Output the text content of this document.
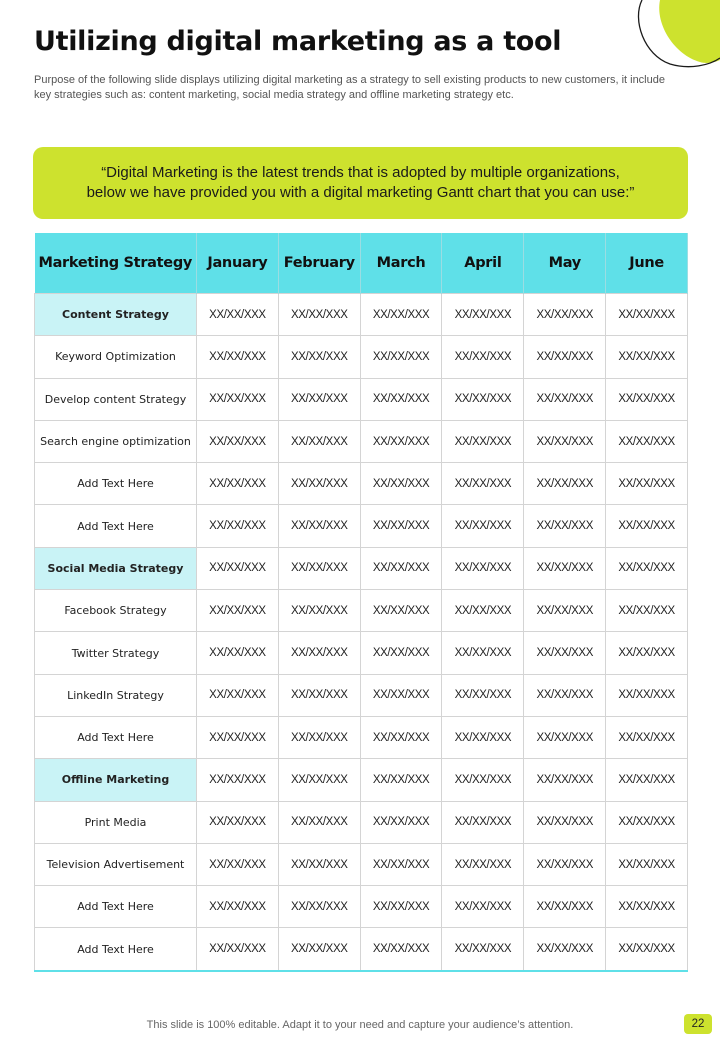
Utilizing digital marketing as a tool
Purpose of the following slide displays utilizing digital marketing as a strategy to sell existing products to new customers, it include key strategies such as: content marketing, social media strategy and offline marketing strategy etc.
“Digital Marketing is the latest trends that is adopted by multiple organizations,
below we have provided you with a digital marketing Gantt chart that you can use:”
Marketing Strategy	January	February	March	April	May	June
Content Strategy	XX/XX/XXX	XX/XX/XXX	XX/XX/XXX	XX/XX/XXX	XX/XX/XXX	XX/XX/XXX
Keyword Optimization	XX/XX/XXX	XX/XX/XXX	XX/XX/XXX	XX/XX/XXX	XX/XX/XXX	XX/XX/XXX
Develop content Strategy	XX/XX/XXX	XX/XX/XXX	XX/XX/XXX	XX/XX/XXX	XX/XX/XXX	XX/XX/XXX
Search engine optimization	XX/XX/XXX	XX/XX/XXX	XX/XX/XXX	XX/XX/XXX	XX/XX/XXX	XX/XX/XXX
Add Text Here	XX/XX/XXX	XX/XX/XXX	XX/XX/XXX	XX/XX/XXX	XX/XX/XXX	XX/XX/XXX
Add Text Here	XX/XX/XXX	XX/XX/XXX	XX/XX/XXX	XX/XX/XXX	XX/XX/XXX	XX/XX/XXX
Social Media Strategy	XX/XX/XXX	XX/XX/XXX	XX/XX/XXX	XX/XX/XXX	XX/XX/XXX	XX/XX/XXX
Facebook Strategy	XX/XX/XXX	XX/XX/XXX	XX/XX/XXX	XX/XX/XXX	XX/XX/XXX	XX/XX/XXX
Twitter Strategy	XX/XX/XXX	XX/XX/XXX	XX/XX/XXX	XX/XX/XXX	XX/XX/XXX	XX/XX/XXX
LinkedIn Strategy	XX/XX/XXX	XX/XX/XXX	XX/XX/XXX	XX/XX/XXX	XX/XX/XXX	XX/XX/XXX
Add Text Here	XX/XX/XXX	XX/XX/XXX	XX/XX/XXX	XX/XX/XXX	XX/XX/XXX	XX/XX/XXX
Offline Marketing	XX/XX/XXX	XX/XX/XXX	XX/XX/XXX	XX/XX/XXX	XX/XX/XXX	XX/XX/XXX
Print Media	XX/XX/XXX	XX/XX/XXX	XX/XX/XXX	XX/XX/XXX	XX/XX/XXX	XX/XX/XXX
Television Advertisement	XX/XX/XXX	XX/XX/XXX	XX/XX/XXX	XX/XX/XXX	XX/XX/XXX	XX/XX/XXX
Add Text Here	XX/XX/XXX	XX/XX/XXX	XX/XX/XXX	XX/XX/XXX	XX/XX/XXX	XX/XX/XXX
Add Text Here	XX/XX/XXX	XX/XX/XXX	XX/XX/XXX	XX/XX/XXX	XX/XX/XXX	XX/XX/XXX
This slide is 100% editable. Adapt it to your need and capture your audience’s attention.	22
